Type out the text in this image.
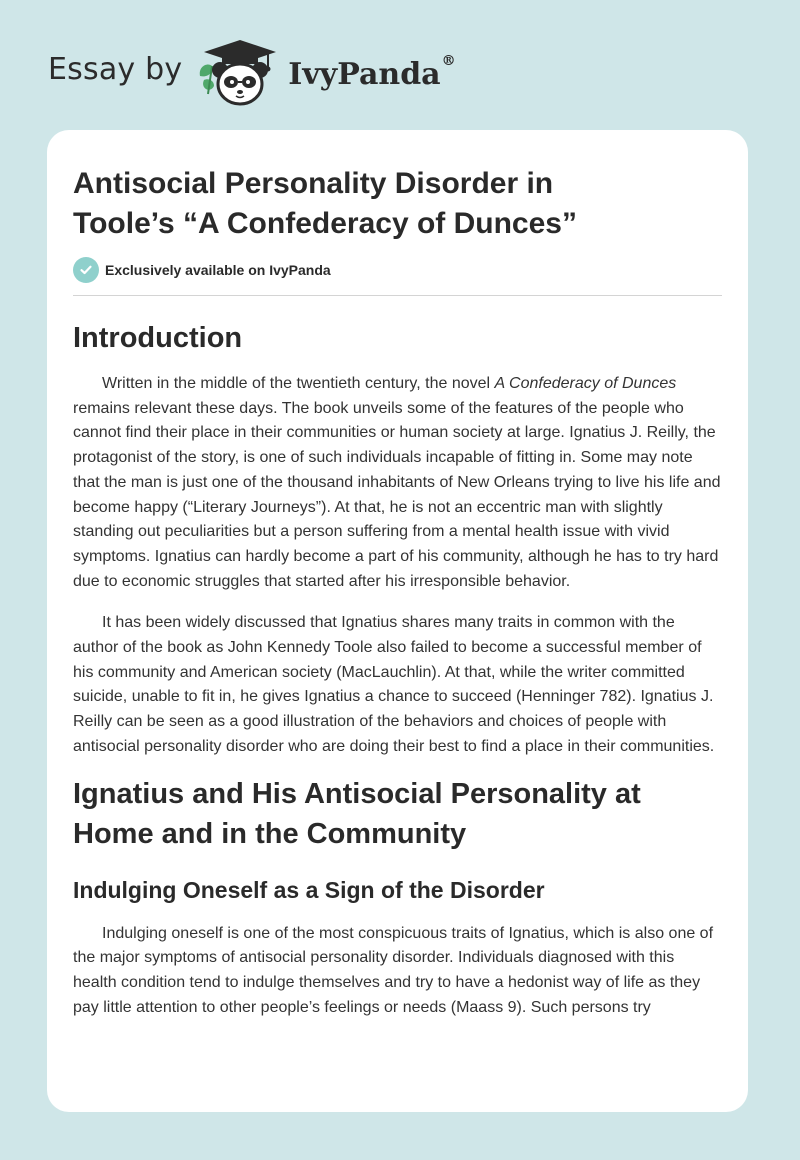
Essay by	IvyPanda®
Antisocial Personality Disorder in
Toole’s “A Confederacy of Dunces”
Exclusively available on IvyPanda
Introduction

Written in the middle of the twentieth century, the novel A Confederacy of Dunces remains relevant these days. The book unveils some of the features of the people who cannot find their place in their communities or human society at large. Ignatius J. Reilly, the protagonist of the story, is one of such individuals incapable of fitting in. Some may note that the man is just one of the thousand inhabitants of New Orleans trying to live his life and become happy (“Literary Journeys”). At that, he is not an eccentric man with slightly standing out peculiarities but a person suffering from a mental health issue with vivid symptoms. Ignatius can hardly become a part of his community, although he has to try hard due to economic struggles that started after his irresponsible behavior.

It has been widely discussed that Ignatius shares many traits in common with the author of the book as John Kennedy Toole also failed to become a successful member of his community and American society (MacLauchlin). At that, while the writer committed suicide, unable to fit in, he gives Ignatius a chance to succeed (Henninger 782). Ignatius J. Reilly can be seen as a good illustration of the behaviors and choices of people with antisocial personality disorder who are doing their best to find a place in their communities.

Ignatius and His Antisocial Personality at
Home and in the Community
Indulging Oneself as a Sign of the Disorder

Indulging oneself is one of the most conspicuous traits of Ignatius, which is also one of the major symptoms of antisocial personality disorder. Individuals diagnosed with this health condition tend to indulge themselves and try to have a hedonist way of life as they pay little attention to other people’s feelings or needs (Maass 9). Such persons try
